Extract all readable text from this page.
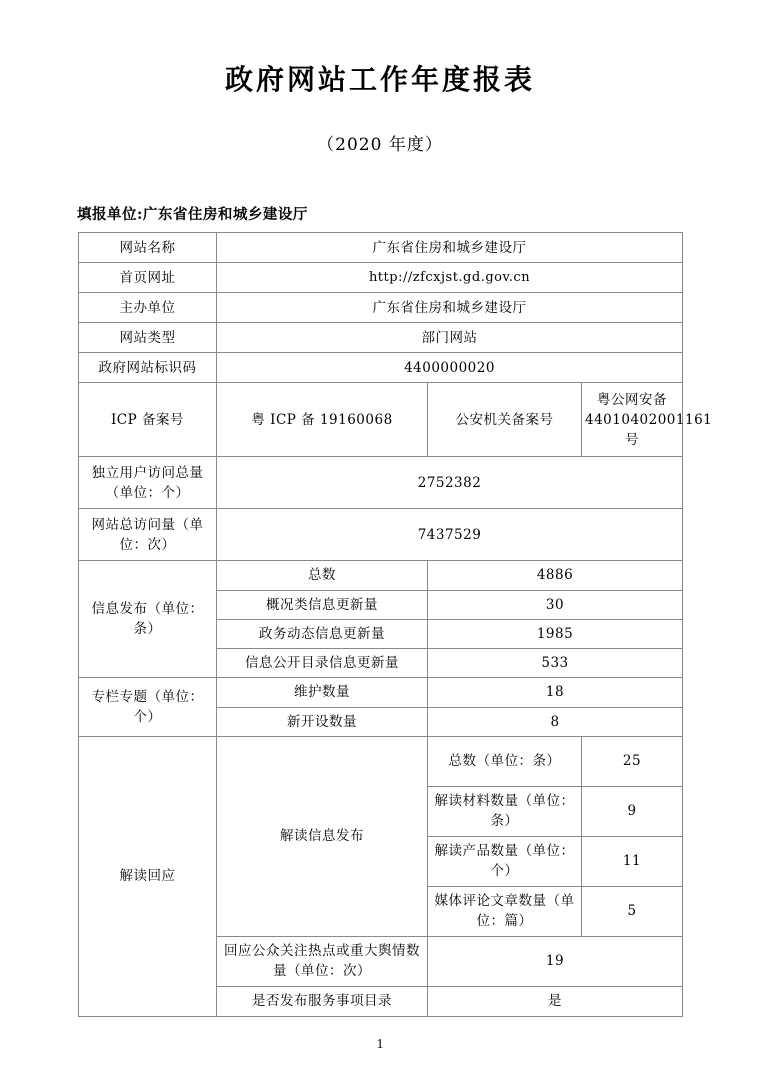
政府网站工作年度报表
（2020 年度）
填报单位:广东省住房和城乡建设厅
网站名称	广东省住房和城乡建设厅		
首页网址	http://zfcxjst.gd.gov.cn		
主办单位	广东省住房和城乡建设厅		
网站类型	部门网站		
政府网站标识码	4400000020		
ICP 备案号	粤 ICP 备 19160068	公安机关备案号	粤公网安备 44010402001161 号
独立用户访问总量（单位：个）	2752382		
网站总访问量（单位：次）	7437529		
信息发布（单位：条）	总数	4886	
	概况类信息更新量	30	
	政务动态信息更新量	1985	
	信息公开目录信息更新量	533	
专栏专题（单位：个）	维护数量	18	
	新开设数量	8	
解读回应	解读信息发布	总数（单位：条）	25
		解读材料数量（单位：条）	9
		解读产品数量（单位：个）	11
		媒体评论文章数量（单位：篇）	5
	回应公众关注热点或重大舆情数量（单位：次）	19	
	是否发布服务事项目录	是	
1
